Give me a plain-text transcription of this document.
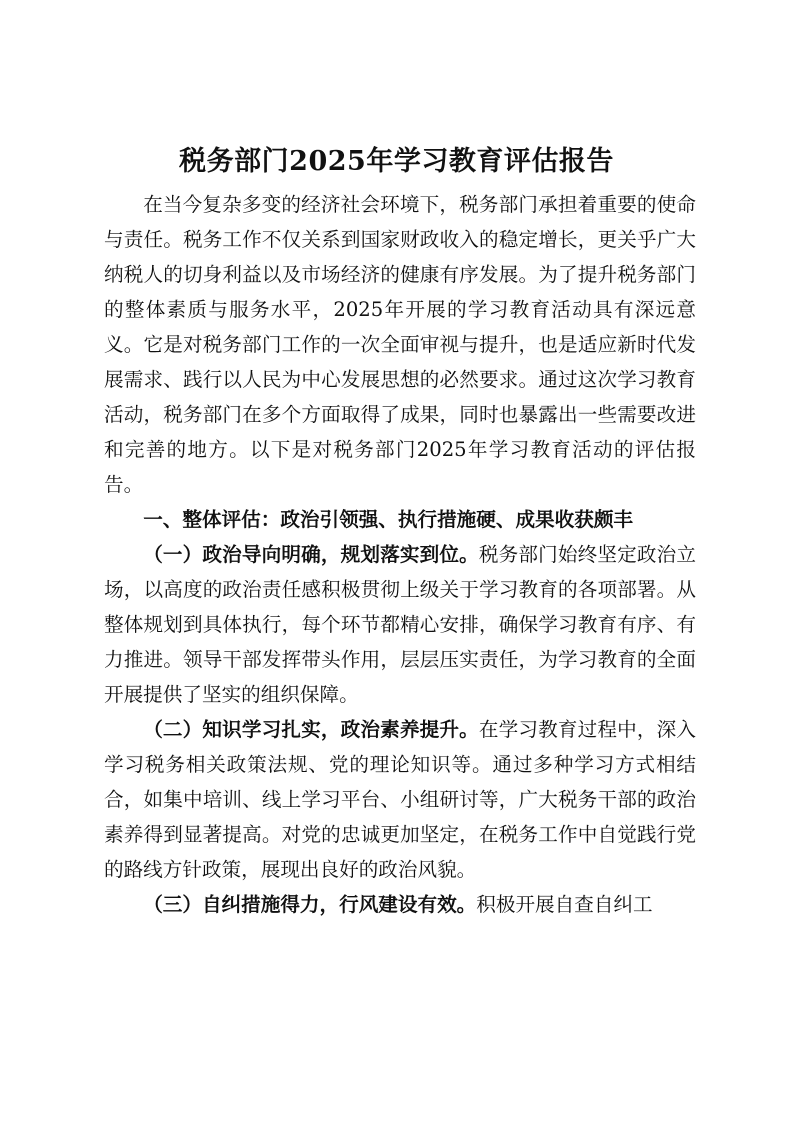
税务部门2025年学习教育评估报告

在当今复杂多变的经济社会环境下，税务部门承担着重要的使命与责任。税务工作不仅关系到国家财政收入的稳定增长，更关乎广大纳税人的切身利益以及市场经济的健康有序发展。为了提升税务部门的整体素质与服务水平，2025年开展的学习教育活动具有深远意义。它是对税务部门工作的一次全面审视与提升，也是适应新时代发展需求、践行以人民为中心发展思想的必然要求。通过这次学习教育活动，税务部门在多个方面取得了成果，同时也暴露出一些需要改进和完善的地方。以下是对税务部门2025年学习教育活动的评估报告。

一、整体评估：政治引领强、执行措施硬、成果收获颇丰

（一）政治导向明确，规划落实到位。税务部门始终坚定政治立场，以高度的政治责任感积极贯彻上级关于学习教育的各项部署。从整体规划到具体执行，每个环节都精心安排，确保学习教育有序、有力推进。领导干部发挥带头作用，层层压实责任，为学习教育的全面开展提供了坚实的组织保障。

（二）知识学习扎实，政治素养提升。在学习教育过程中，深入学习税务相关政策法规、党的理论知识等。通过多种学习方式相结合，如集中培训、线上学习平台、小组研讨等，广大税务干部的政治素养得到显著提高。对党的忠诚更加坚定，在税务工作中自觉践行党的路线方针政策，展现出良好的政治风貌。

（三）自纠措施得力，行风建设有效。积极开展自查自纠工
